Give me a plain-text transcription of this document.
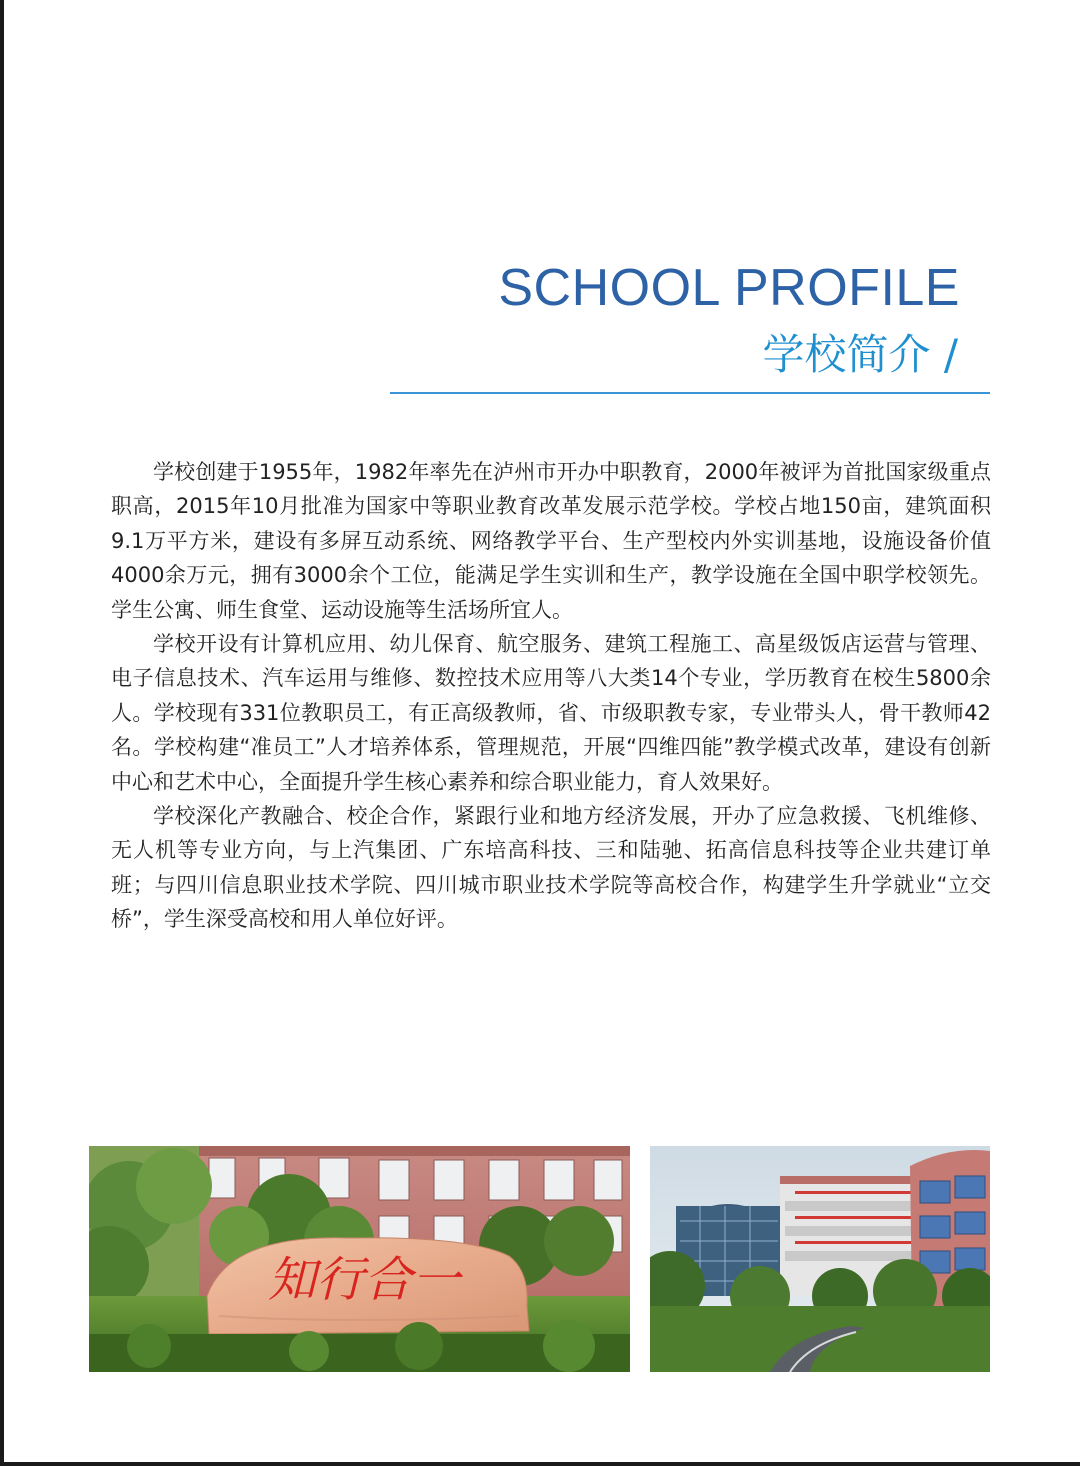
SCHOOL PROFILE
学校简介 /

学校创建于1955年，1982年率先在泸州市开办中职教育，2000年被评为首批国家级重点职高，2015年10月批准为国家中等职业教育改革发展示范学校。学校占地150亩，建筑面积9.1万平方米，建设有多屏互动系统、网络教学平台、生产型校内外实训基地，设施设备价值4000余万元，拥有3000余个工位，能满足学生实训和生产，教学设施在全国中职学校领先。学生公寓、师生食堂、运动设施等生活场所宜人。

学校开设有计算机应用、幼儿保育、航空服务、建筑工程施工、高星级饭店运营与管理、电子信息技术、汽车运用与维修、数控技术应用等八大类14个专业，学历教育在校生5800余人。学校现有331位教职员工，有正高级教师，省、市级职教专家，专业带头人，骨干教师42名。学校构建“准员工”人才培养体系，管理规范，开展“四维四能”教学模式改革，建设有创新中心和艺术中心，全面提升学生核心素养和综合职业能力，育人效果好。

学校深化产教融合、校企合作，紧跟行业和地方经济发展，开办了应急救援、飞机维修、无人机等专业方向，与上汽集团、广东培高科技、三和陆驰、拓高信息科技等企业共建订单班；与四川信息职业技术学院、四川城市职业技术学院等高校合作，构建学生升学就业“立交桥”，学生深受高校和用人单位好评。

知行合一
